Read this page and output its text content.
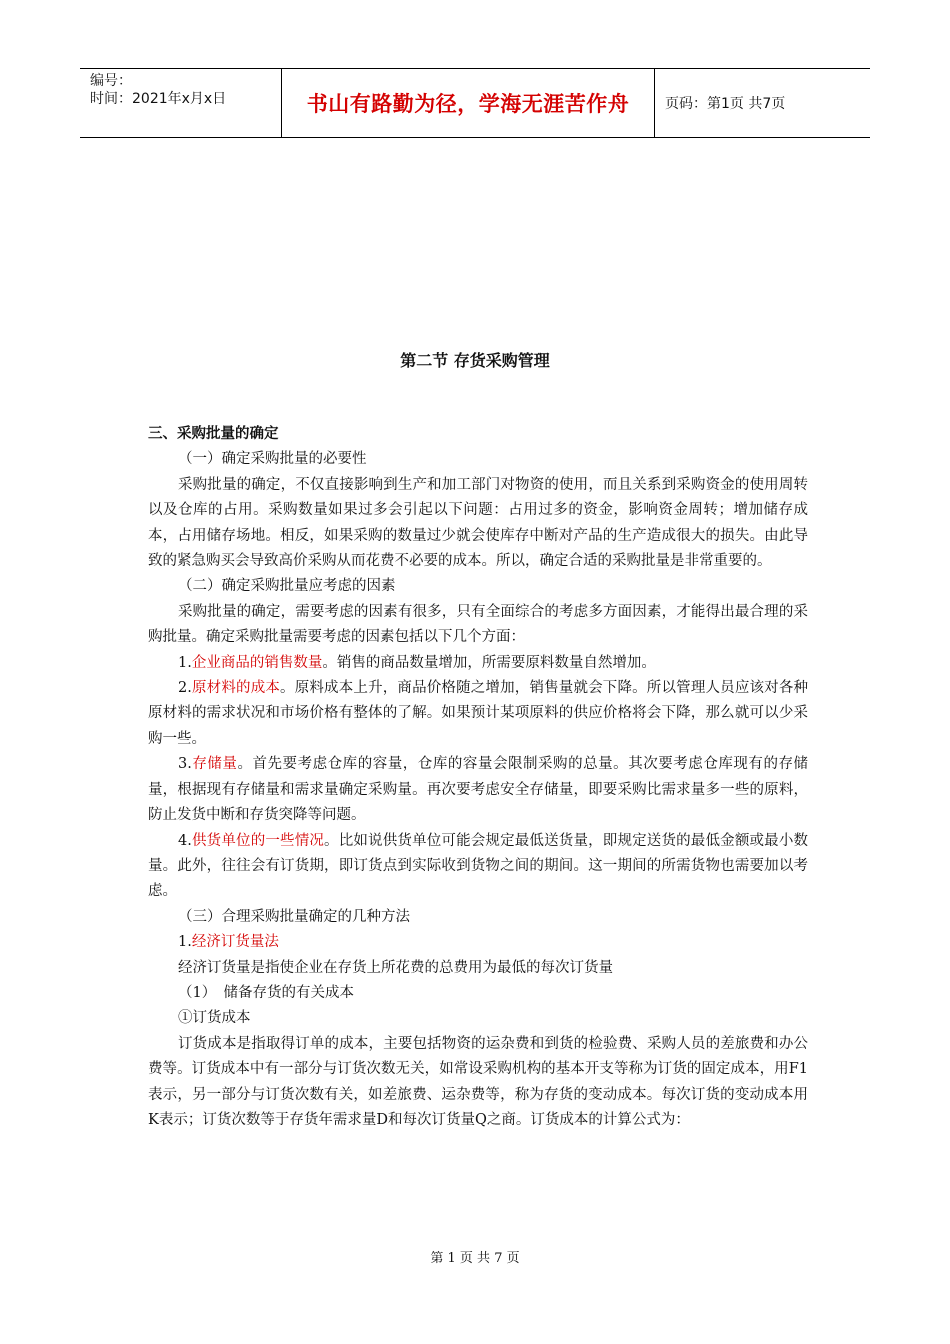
编号：
时间：2021年x月x日	书山有路勤为径，学海无涯苦作舟	页码：第1页 共7页
第二节 存货采购管理

三、采购批量的确定

（一）确定采购批量的必要性

采购批量的确定，不仅直接影响到生产和加工部门对物资的使用，而且关系到采购资金的使用周转以及仓库的占用。采购数量如果过多会引起以下问题：占用过多的资金，影响资金周转；增加储存成本，占用储存场地。相反，如果采购的数量过少就会使库存中断对产品的生产造成很大的损失。由此导致的紧急购买会导致高价采购从而花费不必要的成本。所以，确定合适的采购批量是非常重要的。

（二）确定采购批量应考虑的因素

采购批量的确定，需要考虑的因素有很多，只有全面综合的考虑多方面因素，才能得出最合理的采购批量。确定采购批量需要考虑的因素包括以下几个方面：

1.企业商品的销售数量。销售的商品数量增加，所需要原料数量自然增加。

2.原材料的成本。原料成本上升，商品价格随之增加，销售量就会下降。所以管理人员应该对各种原材料的需求状况和市场价格有整体的了解。如果预计某项原料的供应价格将会下降，那么就可以少采购一些。

3.存储量。首先要考虑仓库的容量，仓库的容量会限制采购的总量。其次要考虑仓库现有的存储量，根据现有存储量和需求量确定采购量。再次要考虑安全存储量，即要采购比需求量多一些的原料，防止发货中断和存货突降等问题。

4.供货单位的一些情况。比如说供货单位可能会规定最低送货量，即规定送货的最低金额或最小数量。此外，往往会有订货期，即订货点到实际收到货物之间的期间。这一期间的所需货物也需要加以考虑。

（三）合理采购批量确定的几种方法

1.经济订货量法

经济订货量是指使企业在存货上所花费的总费用为最低的每次订货量

（1）　储备存货的有关成本

①订货成本

订货成本是指取得订单的成本，主要包括物资的运杂费和到货的检验费、采购人员的差旅费和办公费等。订货成本中有一部分与订货次数无关，如常设采购机构的基本开支等称为订货的固定成本，用F1表示，另一部分与订货次数有关，如差旅费、运杂费等，称为存货的变动成本。每次订货的变动成本用K表示；订货次数等于存货年需求量D和每次订货量Q之商。订货成本的计算公式为：

第 1 页 共 7 页
